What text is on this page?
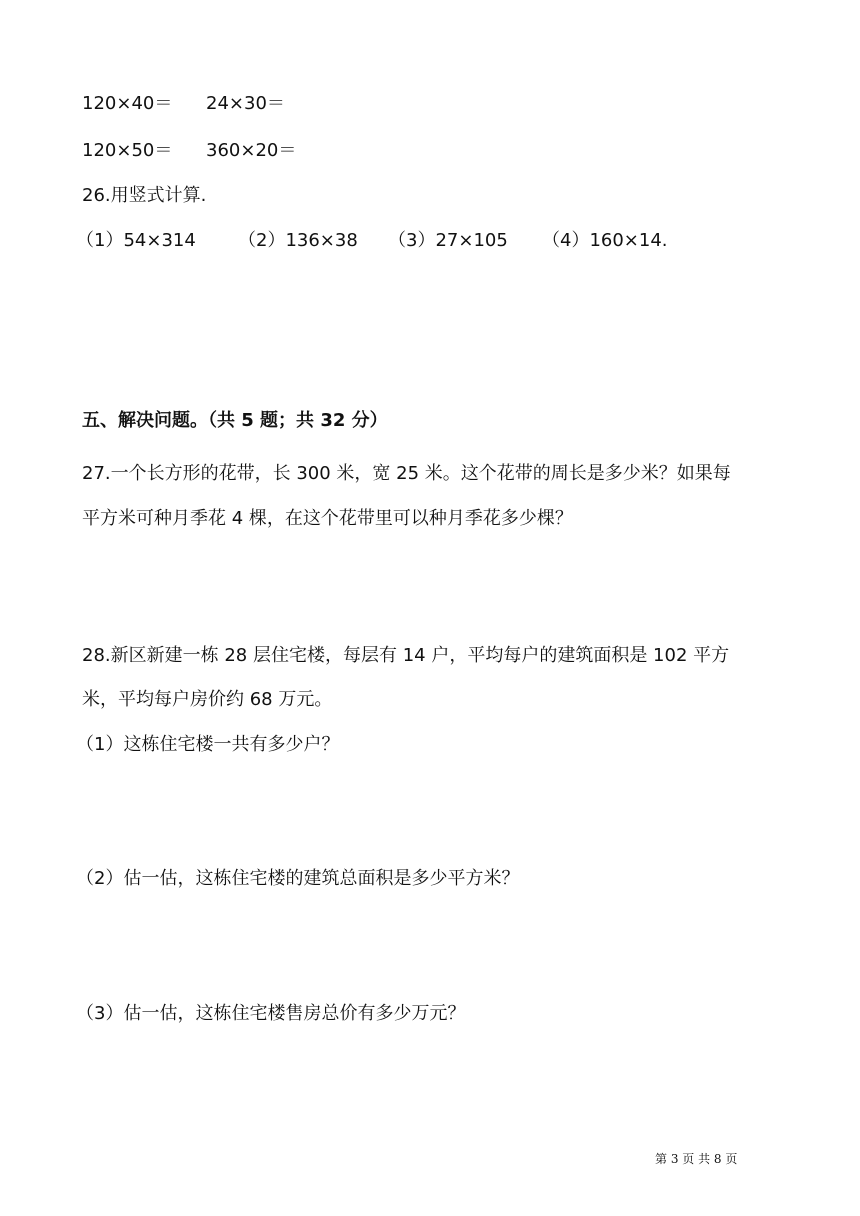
120×40＝ 24×30＝
120×50＝ 360×20＝
26.用竖式计算.
（1）54×314 （2）136×38 （3）27×105 （4）160×14.
五、解决问题。（共 5 题；共 32 分）
27.一个长方形的花带，长 300 米，宽 25 米。这个花带的周长是多少米？如果每
平方米可种月季花 4 棵，在这个花带里可以种月季花多少棵？
28.新区新建一栋 28 层住宅楼，每层有 14 户，平均每户的建筑面积是 102 平方
米，平均每户房价约 68 万元。
（1）这栋住宅楼一共有多少户？
（2）估一估，这栋住宅楼的建筑总面积是多少平方米？
（3）估一估，这栋住宅楼售房总价有多少万元？
第 3 页 共 8 页
